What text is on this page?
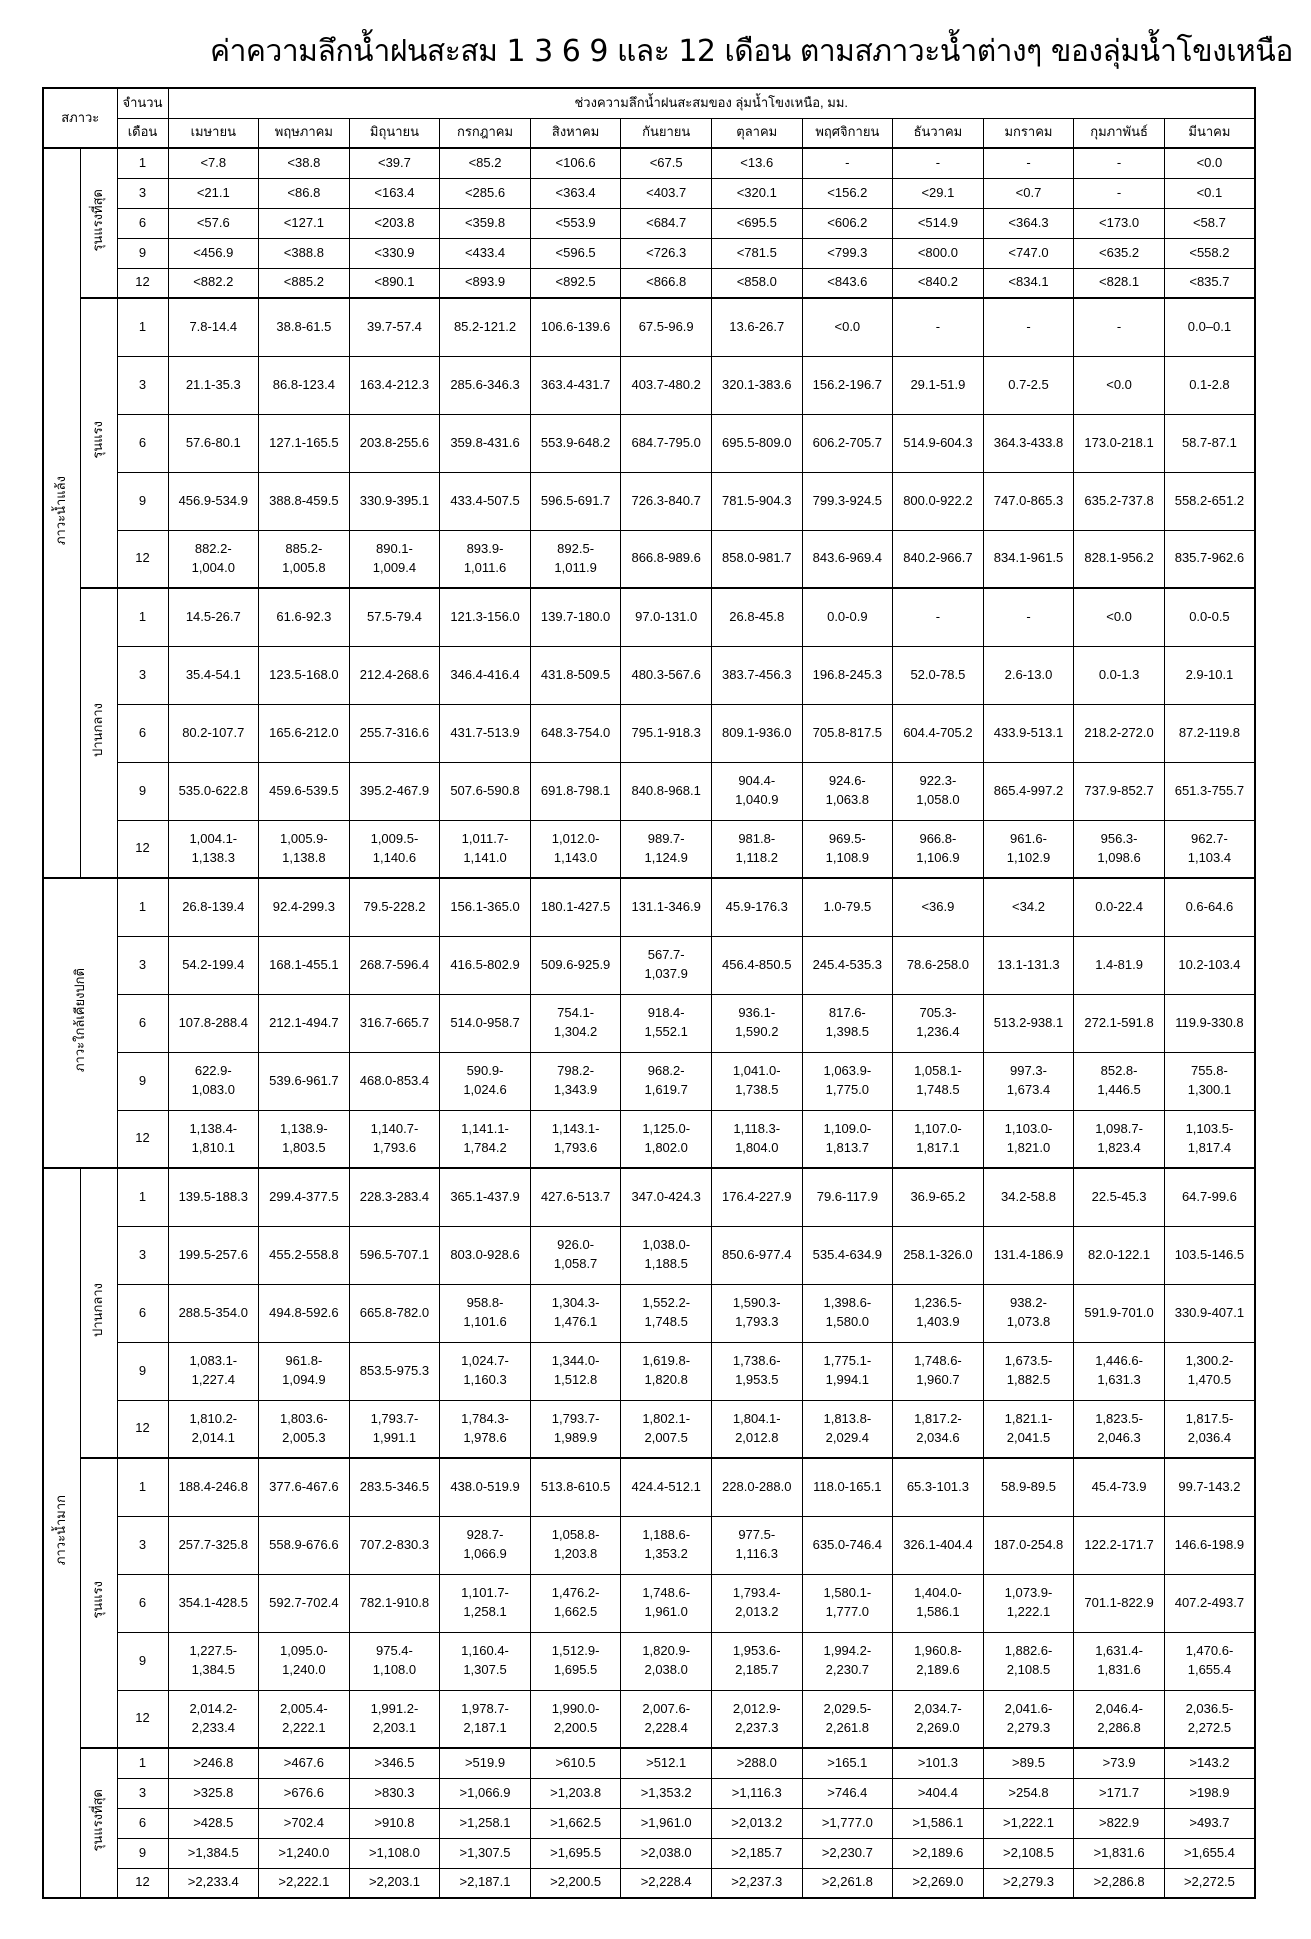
ค่าความลึกน้ำฝนสะสม 1 3 6 9 และ 12 เดือน ตามสภาวะน้ำต่างๆ ของลุ่มน้ำโขงเหนือ
สภาวะ		จำนวน	ช่วงความลึกน้ำฝนสะสมของ ลุ่มน้ำโขงเหนือ, มม.											
		เดือน	เมษายน	พฤษภาคม	มิถุนายน	กรกฎาคม	สิงหาคม	กันยายน	ตุลาคม	พฤศจิกายน	ธันวาคม	มกราคม	กุมภาพันธ์	มีนาคม
ภาวะน้ำแล้ง	รุนแรงที่สุด	1	<7.8	<38.8	<39.7	<85.2	<106.6	<67.5	<13.6	-	-	-	-	<0.0
		3	<21.1	<86.8	<163.4	<285.6	<363.4	<403.7	<320.1	<156.2	<29.1	<0.7	-	<0.1
		6	<57.6	<127.1	<203.8	<359.8	<553.9	<684.7	<695.5	<606.2	<514.9	<364.3	<173.0	<58.7
		9	<456.9	<388.8	<330.9	<433.4	<596.5	<726.3	<781.5	<799.3	<800.0	<747.0	<635.2	<558.2
		12	<882.2	<885.2	<890.1	<893.9	<892.5	<866.8	<858.0	<843.6	<840.2	<834.1	<828.1	<835.7
	รุนแรง	1	7.8-14.4	38.8-61.5	39.7-57.4	85.2-121.2	106.6-139.6	67.5-96.9	13.6-26.7	<0.0	-	-	-	0.0–0.1
		3	21.1-35.3	86.8-123.4	163.4-212.3	285.6-346.3	363.4-431.7	403.7-480.2	320.1-383.6	156.2-196.7	29.1-51.9	0.7-2.5	<0.0	0.1-2.8
		6	57.6-80.1	127.1-165.5	203.8-255.6	359.8-431.6	553.9-648.2	684.7-795.0	695.5-809.0	606.2-705.7	514.9-604.3	364.3-433.8	173.0-218.1	58.7-87.1
		9	456.9-534.9	388.8-459.5	330.9-395.1	433.4-507.5	596.5-691.7	726.3-840.7	781.5-904.3	799.3-924.5	800.0-922.2	747.0-865.3	635.2-737.8	558.2-651.2
		12	882.2-
1,004.0	885.2-
1,005.8	890.1-
1,009.4	893.9-
1,011.6	892.5-
1,011.9	866.8-989.6	858.0-981.7	843.6-969.4	840.2-966.7	834.1-961.5	828.1-956.2	835.7-962.6
	ปานกลาง	1	14.5-26.7	61.6-92.3	57.5-79.4	121.3-156.0	139.7-180.0	97.0-131.0	26.8-45.8	0.0-0.9	-	-	<0.0	0.0-0.5
		3	35.4-54.1	123.5-168.0	212.4-268.6	346.4-416.4	431.8-509.5	480.3-567.6	383.7-456.3	196.8-245.3	52.0-78.5	2.6-13.0	0.0-1.3	2.9-10.1
		6	80.2-107.7	165.6-212.0	255.7-316.6	431.7-513.9	648.3-754.0	795.1-918.3	809.1-936.0	705.8-817.5	604.4-705.2	433.9-513.1	218.2-272.0	87.2-119.8
		9	535.0-622.8	459.6-539.5	395.2-467.9	507.6-590.8	691.8-798.1	840.8-968.1	904.4-
1,040.9	924.6-
1,063.8	922.3-
1,058.0	865.4-997.2	737.9-852.7	651.3-755.7
		12	1,004.1-
1,138.3	1,005.9-
1,138.8	1,009.5-
1,140.6	1,011.7-
1,141.0	1,012.0-
1,143.0	989.7-
1,124.9	981.8-
1,118.2	969.5-
1,108.9	966.8-
1,106.9	961.6-
1,102.9	956.3-
1,098.6	962.7-
1,103.4
ภาวะใกล้เคียงปกติ		1	26.8-139.4	92.4-299.3	79.5-228.2	156.1-365.0	180.1-427.5	131.1-346.9	45.9-176.3	1.0-79.5	<36.9	<34.2	0.0-22.4	0.6-64.6
		3	54.2-199.4	168.1-455.1	268.7-596.4	416.5-802.9	509.6-925.9	567.7-
1,037.9	456.4-850.5	245.4-535.3	78.6-258.0	13.1-131.3	1.4-81.9	10.2-103.4
		6	107.8-288.4	212.1-494.7	316.7-665.7	514.0-958.7	754.1-
1,304.2	918.4-
1,552.1	936.1-
1,590.2	817.6-
1,398.5	705.3-
1,236.4	513.2-938.1	272.1-591.8	119.9-330.8
		9	622.9-
1,083.0	539.6-961.7	468.0-853.4	590.9-
1,024.6	798.2-
1,343.9	968.2-
1,619.7	1,041.0-
1,738.5	1,063.9-
1,775.0	1,058.1-
1,748.5	997.3-
1,673.4	852.8-
1,446.5	755.8-
1,300.1
		12	1,138.4-
1,810.1	1,138.9-
1,803.5	1,140.7-
1,793.6	1,141.1-
1,784.2	1,143.1-
1,793.6	1,125.0-
1,802.0	1,118.3-
1,804.0	1,109.0-
1,813.7	1,107.0-
1,817.1	1,103.0-
1,821.0	1,098.7-
1,823.4	1,103.5-
1,817.4
ภาวะน้ำมาก	ปานกลาง	1	139.5-188.3	299.4-377.5	228.3-283.4	365.1-437.9	427.6-513.7	347.0-424.3	176.4-227.9	79.6-117.9	36.9-65.2	34.2-58.8	22.5-45.3	64.7-99.6
		3	199.5-257.6	455.2-558.8	596.5-707.1	803.0-928.6	926.0-
1,058.7	1,038.0-
1,188.5	850.6-977.4	535.4-634.9	258.1-326.0	131.4-186.9	82.0-122.1	103.5-146.5
		6	288.5-354.0	494.8-592.6	665.8-782.0	958.8-
1,101.6	1,304.3-
1,476.1	1,552.2-
1,748.5	1,590.3-
1,793.3	1,398.6-
1,580.0	1,236.5-
1,403.9	938.2-
1,073.8	591.9-701.0	330.9-407.1
		9	1,083.1-
1,227.4	961.8-
1,094.9	853.5-975.3	1,024.7-
1,160.3	1,344.0-
1,512.8	1,619.8-
1,820.8	1,738.6-
1,953.5	1,775.1-
1,994.1	1,748.6-
1,960.7	1,673.5-
1,882.5	1,446.6-
1,631.3	1,300.2-
1,470.5
		12	1,810.2-
2,014.1	1,803.6-
2,005.3	1,793.7-
1,991.1	1,784.3-
1,978.6	1,793.7-
1,989.9	1,802.1-
2,007.5	1,804.1-
2,012.8	1,813.8-
2,029.4	1,817.2-
2,034.6	1,821.1-
2,041.5	1,823.5-
2,046.3	1,817.5-
2,036.4
	รุนแรง	1	188.4-246.8	377.6-467.6	283.5-346.5	438.0-519.9	513.8-610.5	424.4-512.1	228.0-288.0	118.0-165.1	65.3-101.3	58.9-89.5	45.4-73.9	99.7-143.2
		3	257.7-325.8	558.9-676.6	707.2-830.3	928.7-
1,066.9	1,058.8-
1,203.8	1,188.6-
1,353.2	977.5-
1,116.3	635.0-746.4	326.1-404.4	187.0-254.8	122.2-171.7	146.6-198.9
		6	354.1-428.5	592.7-702.4	782.1-910.8	1,101.7-
1,258.1	1,476.2-
1,662.5	1,748.6-
1,961.0	1,793.4-
2,013.2	1,580.1-
1,777.0	1,404.0-
1,586.1	1,073.9-
1,222.1	701.1-822.9	407.2-493.7
		9	1,227.5-
1,384.5	1,095.0-
1,240.0	975.4-
1,108.0	1,160.4-
1,307.5	1,512.9-
1,695.5	1,820.9-
2,038.0	1,953.6-
2,185.7	1,994.2-
2,230.7	1,960.8-
2,189.6	1,882.6-
2,108.5	1,631.4-
1,831.6	1,470.6-
1,655.4
		12	2,014.2-
2,233.4	2,005.4-
2,222.1	1,991.2-
2,203.1	1,978.7-
2,187.1	1,990.0-
2,200.5	2,007.6-
2,228.4	2,012.9-
2,237.3	2,029.5-
2,261.8	2,034.7-
2,269.0	2,041.6-
2,279.3	2,046.4-
2,286.8	2,036.5-
2,272.5
	รุนแรงที่สุด	1	>246.8	>467.6	>346.5	>519.9	>610.5	>512.1	>288.0	>165.1	>101.3	>89.5	>73.9	>143.2
		3	>325.8	>676.6	>830.3	>1,066.9	>1,203.8	>1,353.2	>1,116.3	>746.4	>404.4	>254.8	>171.7	>198.9
		6	>428.5	>702.4	>910.8	>1,258.1	>1,662.5	>1,961.0	>2,013.2	>1,777.0	>1,586.1	>1,222.1	>822.9	>493.7
		9	>1,384.5	>1,240.0	>1,108.0	>1,307.5	>1,695.5	>2,038.0	>2,185.7	>2,230.7	>2,189.6	>2,108.5	>1,831.6	>1,655.4
		12	>2,233.4	>2,222.1	>2,203.1	>2,187.1	>2,200.5	>2,228.4	>2,237.3	>2,261.8	>2,269.0	>2,279.3	>2,286.8	>2,272.5
